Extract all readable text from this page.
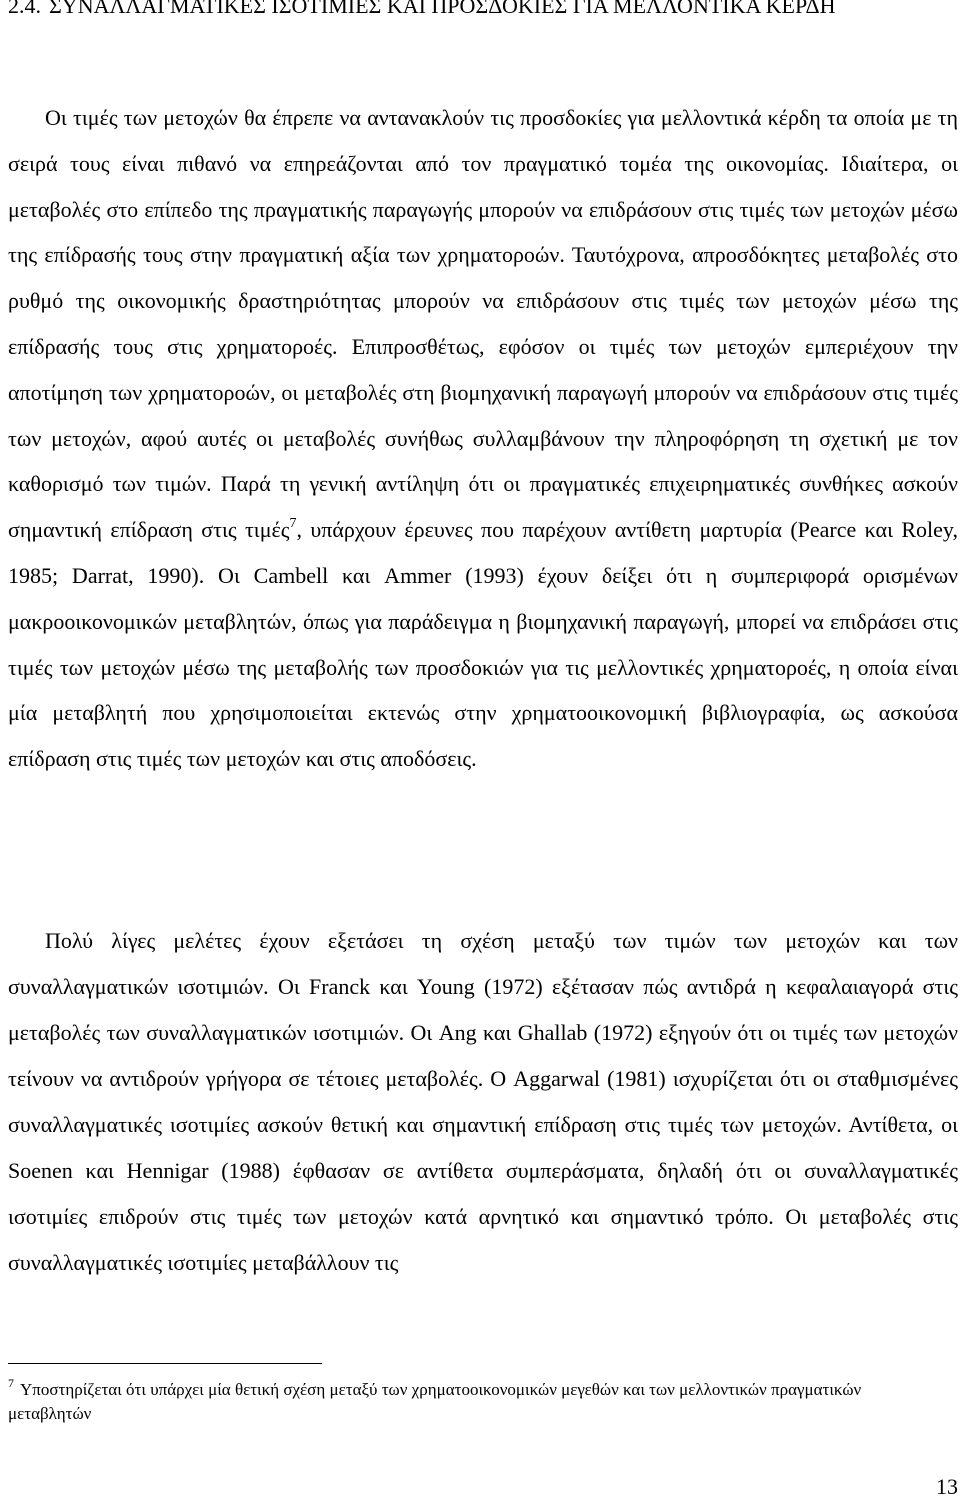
2.4. ΣΥΝΑΛΛΑΓΜΑΤΙΚΕΣ ΙΣΟΤΙΜΙΕΣ ΚΑΙ ΠΡΟΣΔΟΚΙΕΣ ΓΙΑ ΜΕΛΛΟΝΤΙΚΑ ΚΕΡΔΗ

Οι τιμές των μετοχών θα έπρεπε να αντανακλούν τις προσδοκίες για μελλοντικά κέρδη τα οποία με τη σειρά τους είναι πιθανό να επηρεάζονται από τον πραγματικό τομέα της οικονομίας. Ιδιαίτερα, οι μεταβολές στο επίπεδο της πραγματικής παραγωγής μπορούν να επιδράσουν στις τιμές των μετοχών μέσω της επίδρασής τους στην πραγματική αξία των χρηματοροών. Ταυτόχρονα, απροσδόκητες μεταβολές στο ρυθμό της οικονομικής δραστηριότητας μπορούν να επιδράσουν στις τιμές των μετοχών μέσω της επίδρασής τους στις χρηματοροές. Επιπροσθέτως, εφόσον οι τιμές των μετοχών εμπεριέχουν την αποτίμηση των χρηματοροών, οι μεταβολές στη βιομηχανική παραγωγή μπορούν να επιδράσουν στις τιμές των μετοχών, αφού αυτές οι μεταβολές συνήθως συλλαμβάνουν την πληροφόρηση τη σχετική με τον καθορισμό των τιμών. Παρά τη γενική αντίληψη ότι οι πραγματικές επιχειρηματικές συνθήκες ασκούν σημαντική επίδραση στις τιμές$^7$, υπάρχουν έρευνες που παρέχουν αντίθετη μαρτυρία (Pearce και Roley, 1985; Darrat, 1990). Οι Cambell και Ammer (1993) έχουν δείξει ότι η συμπεριφορά ορισμένων μακροοικονομικών μεταβλητών, όπως για παράδειγμα η βιομηχανική παραγωγή, μπορεί να επιδράσει στις τιμές των μετοχών μέσω της μεταβολής των προσδοκιών για τις μελλοντικές χρηματοροές, η οποία είναι μία μεταβλητή που χρησιμοποιείται εκτενώς στην χρηματοοικονομική βιβλιογραφία, ως ασκούσα επίδραση στις τιμές των μετοχών και στις αποδόσεις.

Πολύ λίγες μελέτες έχουν εξετάσει τη σχέση μεταξύ των τιμών των μετοχών και των συναλλαγματικών ισοτιμιών. Οι Franck και Young (1972) εξέτασαν πώς αντιδρά η κεφαλαιαγορά στις μεταβολές των συναλλαγματικών ισοτιμιών. Οι Ang και Ghallab (1972) εξηγούν ότι οι τιμές των μετοχών τείνουν να αντιδρούν γρήγορα σε τέτοιες μεταβολές. Ο Aggarwal (1981) ισχυρίζεται ότι οι σταθμισμένες συναλλαγματικές ισοτιμίες ασκούν θετική και σημαντική επίδραση στις τιμές των μετοχών. Αντίθετα, οι Soenen και Hennigar (1988) έφθασαν σε αντίθετα συμπεράσματα, δηλαδή ότι οι συναλλαγματικές ισοτιμίες επιδρούν στις τιμές των μετοχών κατά αρνητικό και σημαντικό τρόπο. Οι μεταβολές στις συναλλαγματικές ισοτιμίες μεταβάλλουν τις

$^7$ Υποστηρίζεται ότι υπάρχει μία θετική σχέση μεταξύ των χρηματοοικονομικών μεγεθών και των μελλοντικών πραγματικών μεταβλητών

13
